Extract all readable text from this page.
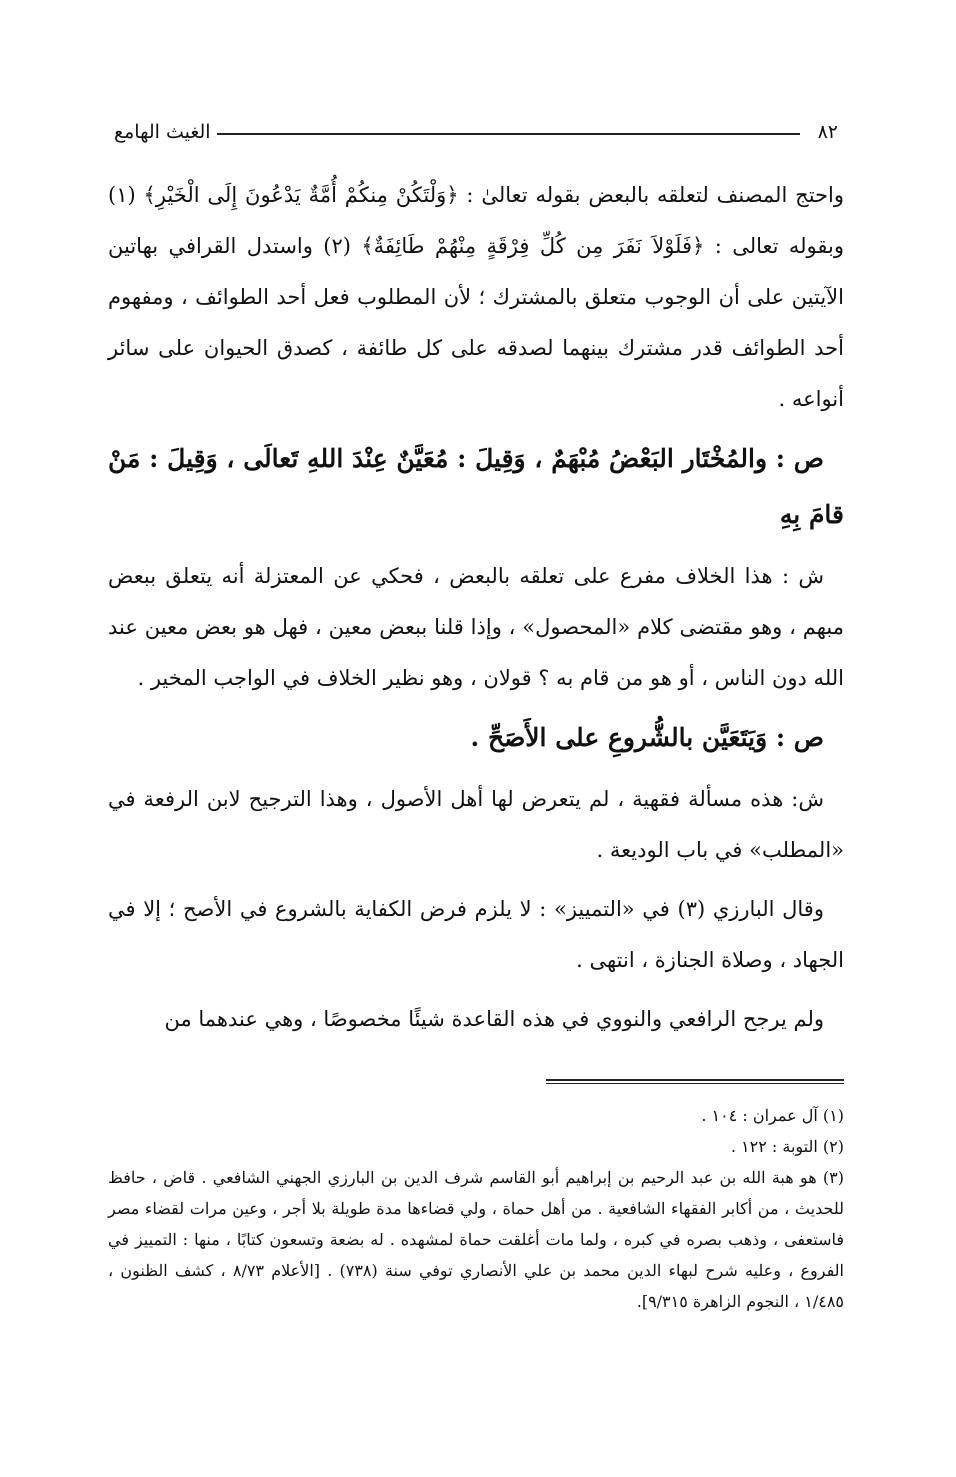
٨٢
الغيث الهامع

واحتج المصنف لتعلقه بالبعض بقوله تعالىٰ : ﴿وَلْتَكُنْ مِنكُمْ أُمَّةٌ يَدْعُونَ إِلَى الْخَيْرِ﴾ (١) وبقوله تعالى : ﴿فَلَوْلاَ نَفَرَ مِن كُلِّ فِرْقَةٍ مِنْهُمْ طَائِفَةٌ﴾ (٢) واستدل القرافي بهاتين الآيتين على أن الوجوب متعلق بالمشترك ؛ لأن المطلوب فعل أحد الطوائف ، ومفهوم أحد الطوائف قدر مشترك بينهما لصدقه على كل طائفة ، كصدق الحيوان على سائر أنواعه .

ص : والمُخْتَار البَعْضُ مُبْهَمٌ ، وَقِيلَ : مُعَيَّنٌ عِنْدَ اللهِ تَعالَى ، وَقِيلَ : مَنْ قامَ بِهِ

ش : هذا الخلاف مفرع على تعلقه بالبعض ، فحكي عن المعتزلة أنه يتعلق ببعض مبهم ، وهو مقتضى كلام «المحصول» ، وإذا قلنا ببعض معين ، فهل هو بعض معين عند الله دون الناس ، أو هو من قام به ؟ قولان ، وهو نظير الخلاف في الواجب المخير .

ص : وَيَتَعَيَّن بالشُّروعِ على الأَصَحِّ .

ش: هذه مسألة فقهية ، لم يتعرض لها أهل الأصول ، وهذا الترجيح لابن الرفعة في «المطلب» في باب الوديعة .

وقال البارزي (٣) في «التمييز» : لا يلزم فرض الكفاية بالشروع في الأصح ؛ إلا في الجهاد ، وصلاة الجنازة ، انتهى .

ولم يرجح الرافعي والنووي في هذه القاعدة شيئًا مخصوصًا ، وهي عندهما من

(١) آل عمران : ١٠٤ .
(٢) التوبة : ١٢٢ .
(٣) هو هبة الله بن عبد الرحيم بن إبراهيم أبو القاسم شرف الدين بن البارزي الجهني الشافعي . قاض ، حافظ للحديث ، من أكابر الفقهاء الشافعية . من أهل حماة ، ولي قضاءها مدة طويلة بلا أجر ، وعين مرات لقضاء مصر فاستعفى ، وذهب بصره في كبره ، ولما مات أغلقت حماة لمشهده . له بضعة وتسعون كتابًا ، منها : التمييز في الفروع ، وعليه شرح لبهاء الدين محمد بن علي الأنصاري توفي سنة (٧٣٨) . [الأعلام ٨/٧٣ ، كشف الظنون ، ١/٤٨٥ ، النجوم الزاهرة ٩/٣١٥].
